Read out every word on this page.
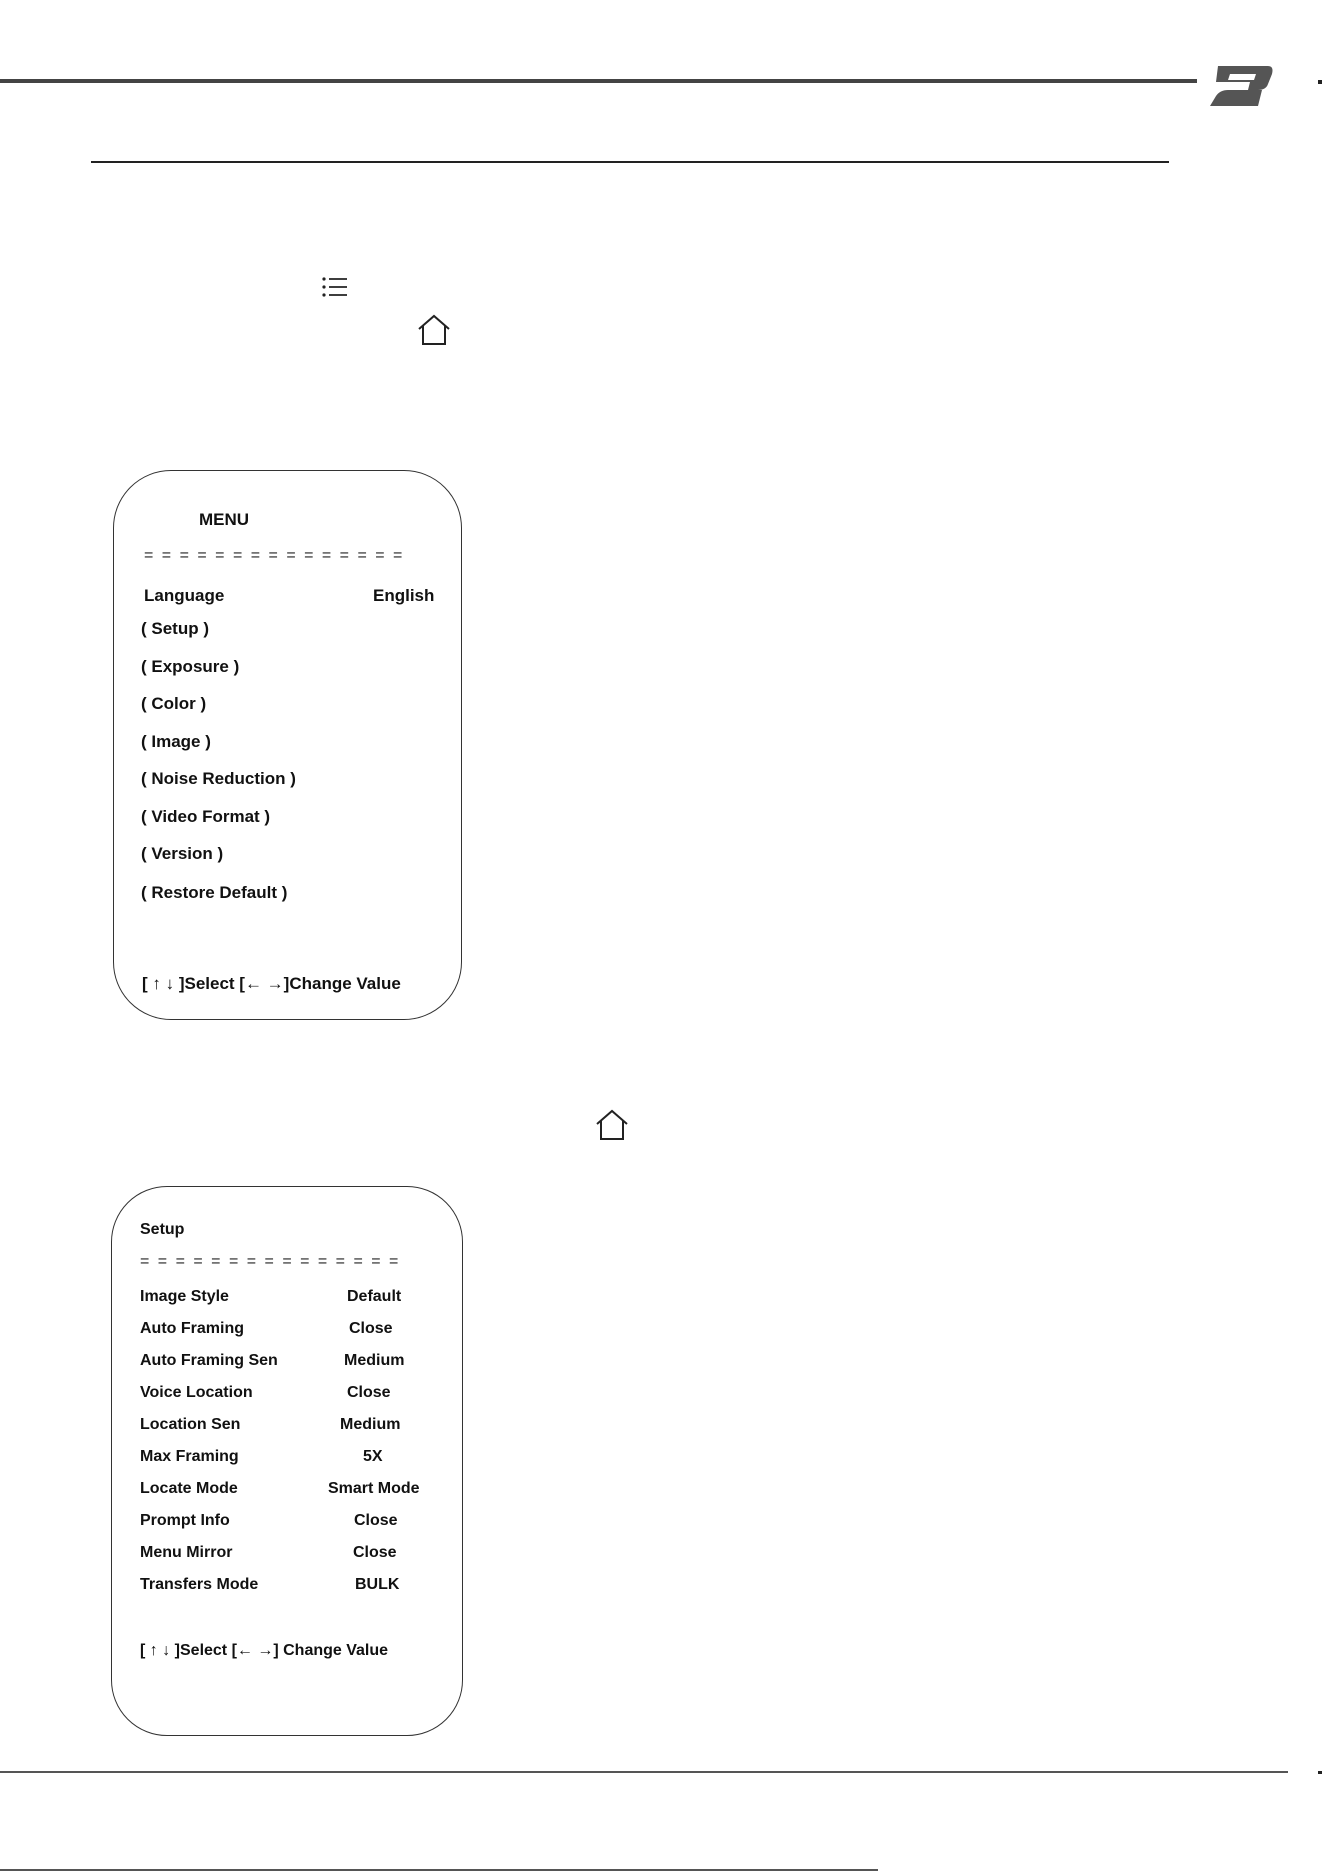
MENU
= = = = = = = = = = = = = = =
Language	English
( Setup )
( Exposure )
( Color )
( Image )
( Noise Reduction )
( Video Format )
( Version )
( Restore Default )
[ ↑ ↓ ]Select [← →]Change Value
Setup
= = = = = = = = = = = = = = =
Image Style	Default
Auto Framing	Close
Auto Framing Sen	Medium
Voice Location	Close
Location Sen	Medium
Max Framing	5X
Locate Mode	Smart Mode
Prompt Info	Close
Menu Mirror	Close
Transfers Mode	BULK
[ ↑ ↓ ]Select [← →] Change Value
